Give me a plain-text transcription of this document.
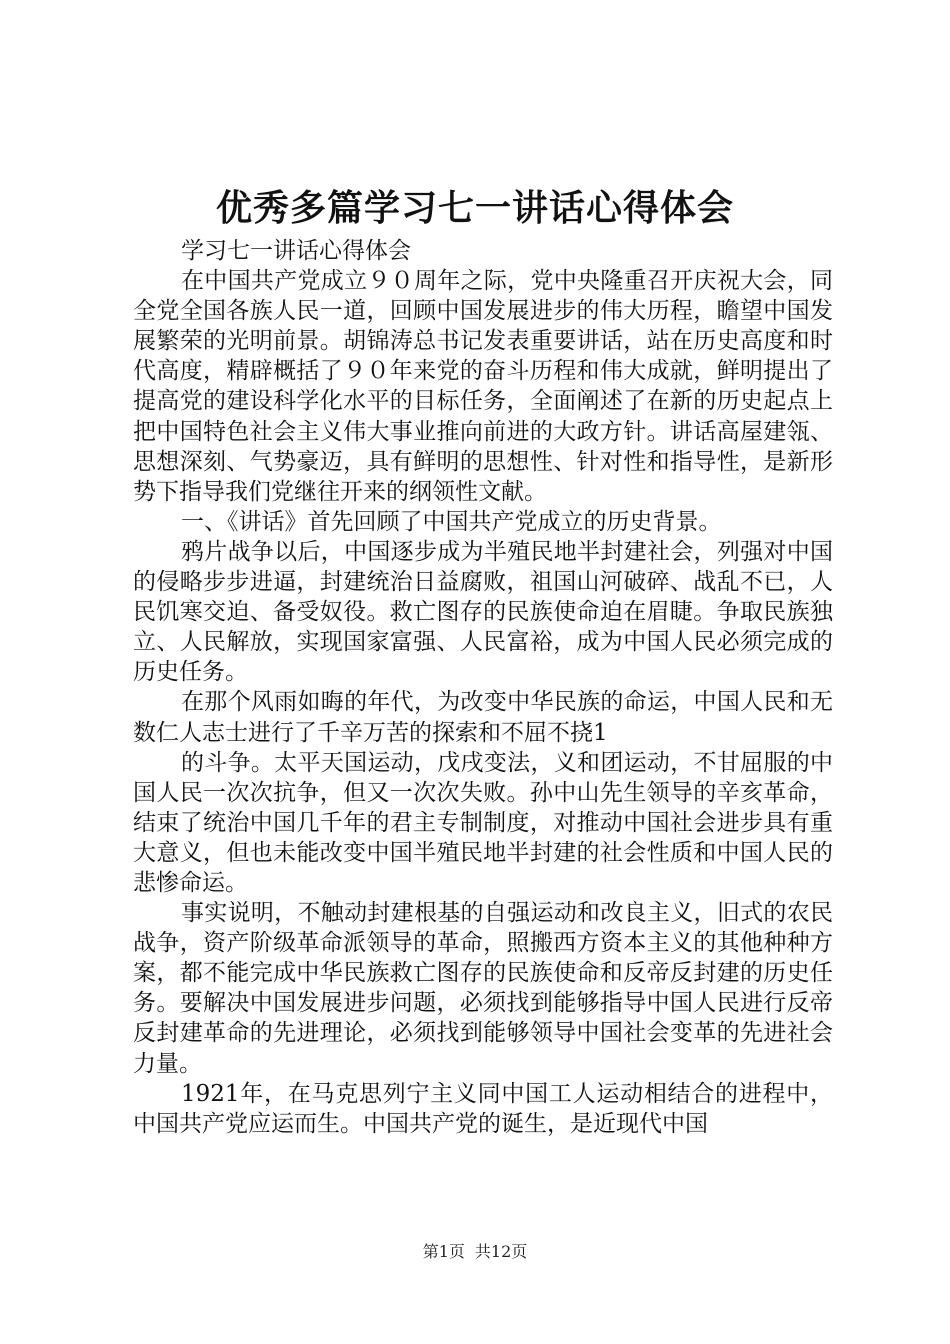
优秀多篇学习七一讲话心得体会

学习七一讲话心得体会

在中国共产党成立９０周年之际，党中央隆重召开庆祝大会，同全党全国各族人民一道，回顾中国发展进步的伟大历程，瞻望中国发展繁荣的光明前景。胡锦涛总书记发表重要讲话，站在历史高度和时代高度，精辟概括了９０年来党的奋斗历程和伟大成就，鲜明提出了提高党的建设科学化水平的目标任务，全面阐述了在新的历史起点上把中国特色社会主义伟大事业推向前进的大政方针。讲话高屋建瓴、思想深刻、气势豪迈，具有鲜明的思想性、针对性和指导性，是新形势下指导我们党继往开来的纲领性文献。

一、《讲话》首先回顾了中国共产党成立的历史背景。

鸦片战争以后，中国逐步成为半殖民地半封建社会，列强对中国的侵略步步进逼，封建统治日益腐败，祖国山河破碎、战乱不已，人民饥寒交迫、备受奴役。救亡图存的民族使命迫在眉睫。争取民族独立、人民解放，实现国家富强、人民富裕，成为中国人民必须完成的历史任务。

在那个风雨如晦的年代，为改变中华民族的命运，中国人民和无数仁人志士进行了千辛万苦的探索和不屈不挠1

的斗争。太平天国运动，戊戌变法，义和团运动，不甘屈服的中国人民一次次抗争，但又一次次失败。孙中山先生领导的辛亥革命，结束了统治中国几千年的君主专制制度，对推动中国社会进步具有重大意义，但也未能改变中国半殖民地半封建的社会性质和中国人民的悲惨命运。

事实说明，不触动封建根基的自强运动和改良主义，旧式的农民战争，资产阶级革命派领导的革命，照搬西方资本主义的其他种种方案，都不能完成中华民族救亡图存的民族使命和反帝反封建的历史任务。要解决中国发展进步问题，必须找到能够指导中国人民进行反帝反封建革命的先进理论，必须找到能够领导中国社会变革的先进社会力量。

1921年，在马克思列宁主义同中国工人运动相结合的进程中，中国共产党应运而生。中国共产党的诞生，是近现代中国

第1页 共12页
